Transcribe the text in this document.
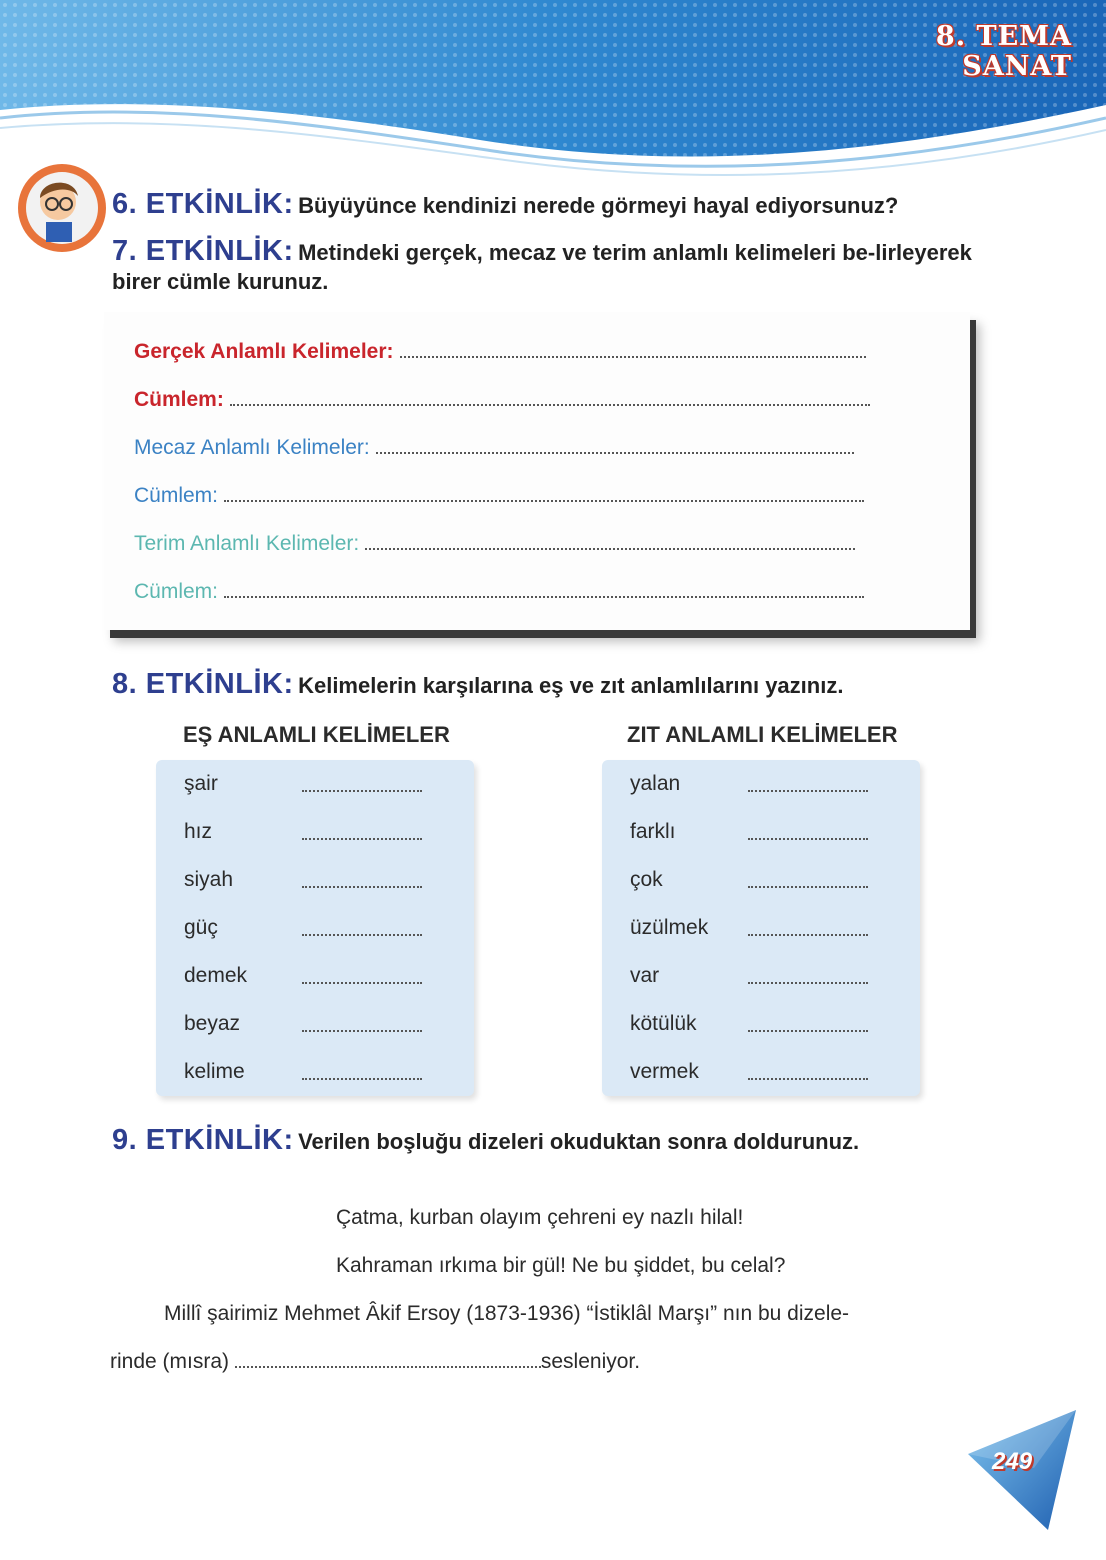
8. TEMA
SANAT
6. ETKİNLİK: Büyüyünce kendinizi nerede görmeyi hayal ediyorsunuz?
7. ETKİNLİK: Metindeki gerçek, mecaz ve terim anlamlı kelimeleri be-lirleyerek birer cümle kurunuz.
Gerçek Anlamlı Kelimeler:
Cümlem:
Mecaz Anlamlı Kelimeler:
Cümlem:
Terim Anlamlı Kelimeler:
Cümlem:
8. ETKİNLİK: Kelimelerin karşılarına eş ve zıt anlamlılarını yazınız.
EŞ ANLAMLI KELİMELER	ZIT ANLAMLI KELİMELER
şair
hız
siyah
güç
demek
beyaz
kelime
yalan
farklı
çok
üzülmek
var
kötülük
vermek
9. ETKİNLİK: Verilen boşluğu dizeleri okuduktan sonra doldurunuz.
Çatma, kurban olayım çehreni ey nazlı hilal!
Kahraman ırkıma bir gül! Ne bu şiddet, bu celal?
Millî şairimiz Mehmet Âkif Ersoy (1873-1936) “İstiklâl Marşı” nın bu dizele-
rinde (mısra)	sesleniyor.
249
